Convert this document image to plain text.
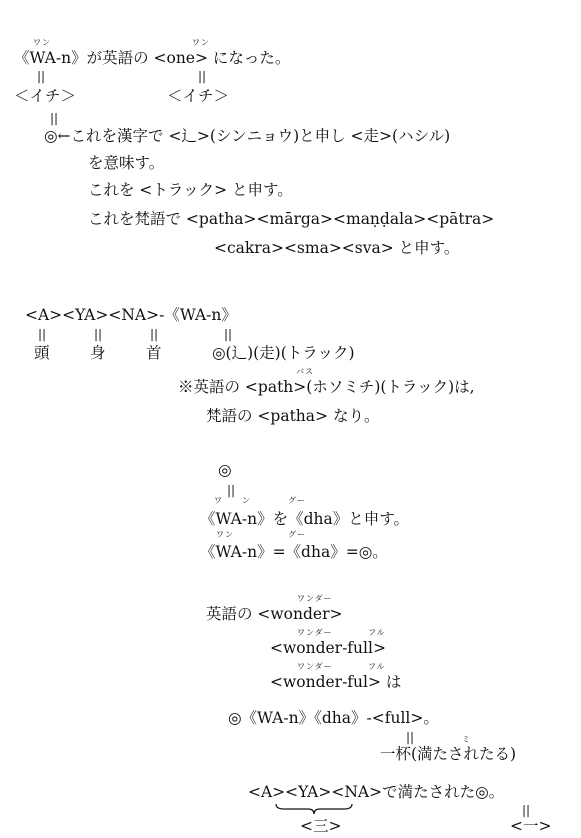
ワン	ワン
《WA-n》が英語の <one> になった。
||	||
＜イチ＞	＜イチ＞
||
◎←これを漢字で <辶>(シンニョウ)と申し <走>(ハシル)
を意味す。
これを <トラック> と申す。
これを梵語で <patha><mārga><maṇḍala><pātra>
<cakra><sma><sva> と申す。
<A><YA><NA>-《WA-n》
||	||	||	||
頭	身	首	◎(辶)(走)(トラック)
バス
※英語の <path>(ホソミチ)(トラック)は,
梵語の <patha> なり。
◎
ワ
||
ン	グー
《WA-n》を《dha》と申す。
ワン	グー
《WA-n》=《dha》=◎。
ワンダー
英語の <wonder>
ワンダー	フル
<wonder-full>
ワンダー	フル
<wonder-ful> は
◎《WA-n》《dha》-<full>。
||	ミ
一杯(満たされたる)
<A><YA><NA>で満たされた◎。
||
<三>	<一>
